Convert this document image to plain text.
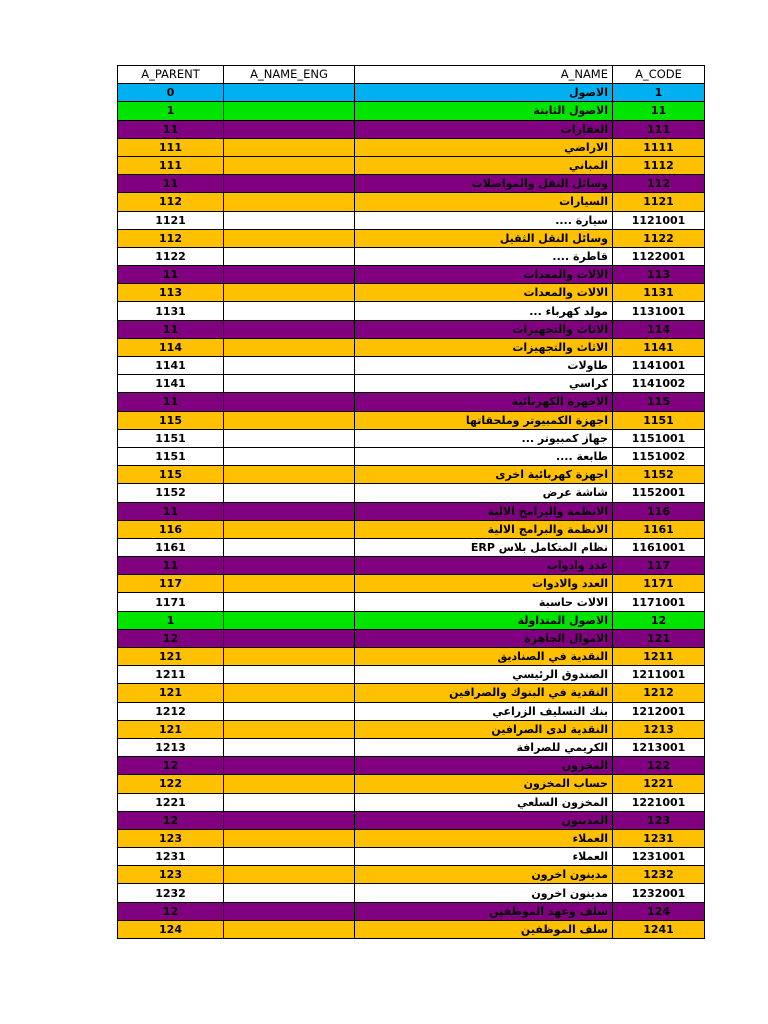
A_PARENT	A_NAME_ENG	A_NAME	A_CODE
0		الاصول	1
1		الاصول الثابتة	11
11		العقارات	111
111		الاراضي	1111
111		المباني	1112
11		وسائل النقل والمواصلات	112
112		السيارات	1121
1121		سيارة ....	1121001
112		وسائل النقل الثقيل	1122
1122		قاطرة ....	1122001
11		الالات والمعدات	113
113		الالات والمعدات	1131
1131		مولد كهرباء ...	1131001
11		الاثاث والتجهيزات	114
114		الاثاث والتجهيزات	1141
1141		طاولات	1141001
1141		كراسي	1141002
11		الاجهزة الكهربائية	115
115		اجهزة الكمبيوتر وملحقاتها	1151
1151		جهاز كمبيوتر ...	1151001
1151		طابعة ....	1151002
115		اجهزة كهربائية اخرى	1152
1152		شاشة عرض	1152001
11		الانظمة والبرامج الالية	116
116		الانظمة والبرامج الالية	1161
1161		نظام المتكامل بلاس ERP	1161001
11		عدد وادوات	117
117		العدد والادوات	1171
1171		الالات حاسبة	1171001
1		الاصول المتداولة	12
12		الاموال الجاهزة	121
121		النقدية في الصناديق	1211
1211		الصندوق الرئيسي	1211001
121		النقدية في البنوك والصرافين	1212
1212		بنك التسليف الزراعي	1212001
121		النقدية لدى الصرافين	1213
1213		الكريمي للصرافة	1213001
12		المخزون	122
122		حساب المخزون	1221
1221		المخزون السلعي	1221001
12		المدينون	123
123		العملاء	1231
1231		العملاء	1231001
123		مدينون اخرون	1232
1232		مدينون اخرون	1232001
12		سلف وعهد الموظفين	124
124		سلف الموظفين	1241
